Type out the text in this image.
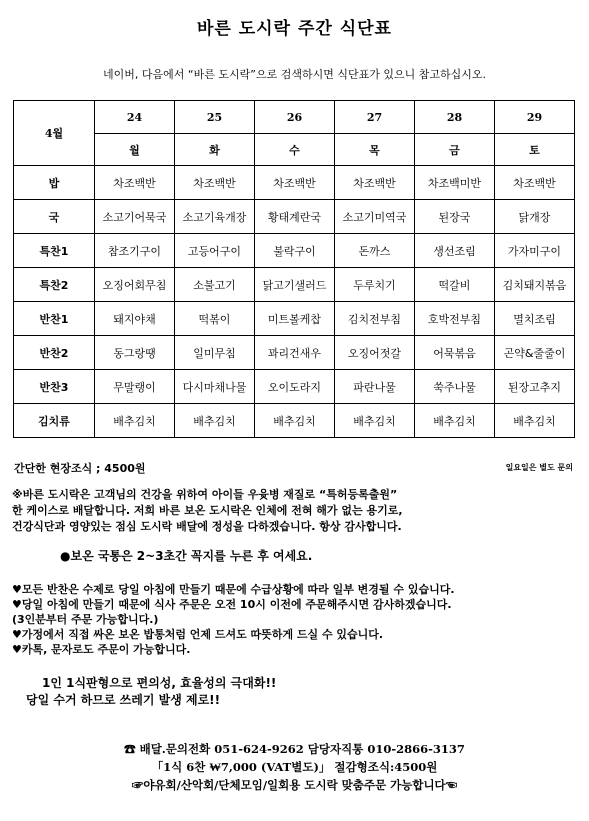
바른 도시락 주간 식단표
네이버, 다음에서 “바른 도시락”으로 검색하시면 식단표가 있으니 참고하십시오.
4월	24	25	26	27	28	29
	월	화	수	목	금	토
밥	차조백반	차조백반	차조백반	차조백반	차조백미반	차조백반
국	소고기어묵국	소고기육개장	황태계란국	소고기미역국	된장국	닭개장
특찬1	참조기구이	고등어구이	불락구이	돈까스	생선조림	가자미구이
특찬2	오징어회무침	소불고기	닭고기샐러드	두루치기	떡갈비	김치돼지볶음
반찬1	돼지야채	떡볶이	미트볼케찹	김치전부침	호박전부침	멸치조림
반찬2	동그랑땡	일미무침	꽈리건새우	오징어젓갈	어묵볶음	곤약&줄줄이
반찬3	무말랭이	다시마채나물	오이도라지	파란나물	쑥주나물	된장고추지
김치류	배추김치	배추김치	배추김치	배추김치	배추김치	배추김치
간단한 현장조식 ; 4500원	일요일은 별도 문의
※바른 도시락은 고객님의 건강을 위하여 아이들 우윳병 재질로 “특허등록출원”
한 케이스로 배달합니다. 저희 바른 보온 도시락은 인체에 전혀 해가 없는 용기로,
건강식단과 영양있는 점심 도시락 배달에 정성을 다하겠습니다. 항상 감사합니다.
●보온 국통은 2~3초간 꼭지를 누른 후 여세요.
♥모든 반찬은 수제로 당일 아침에 만들기 때문에 수급상황에 따라 일부 변경될 수 있습니다.
♥당일 아침에 만들기 때문에 식사 주문은 오전 10시 이전에 주문해주시면 감사하겠습니다.
(3인분부터 주문 가능합니다.)
♥가정에서 직접 싸온 보온 밥통처럼 언제 드셔도 따뜻하게 드실 수 있습니다.
♥카톡, 문자로도 주문이 가능합니다.
1인 1식판형으로 편의성, 효율성의 극대화!!
당일 수거 하므로 쓰레기 발생 제로!!
☎ 배달.문의전화 051-624-9262 담당자직통 010-2866-3137
「1식 6찬 ₩7,000 (VAT별도)」 절감형조식:4500원
☞야유회/산악회/단체모임/일회용 도시락 맞춤주문 가능합니다☜
